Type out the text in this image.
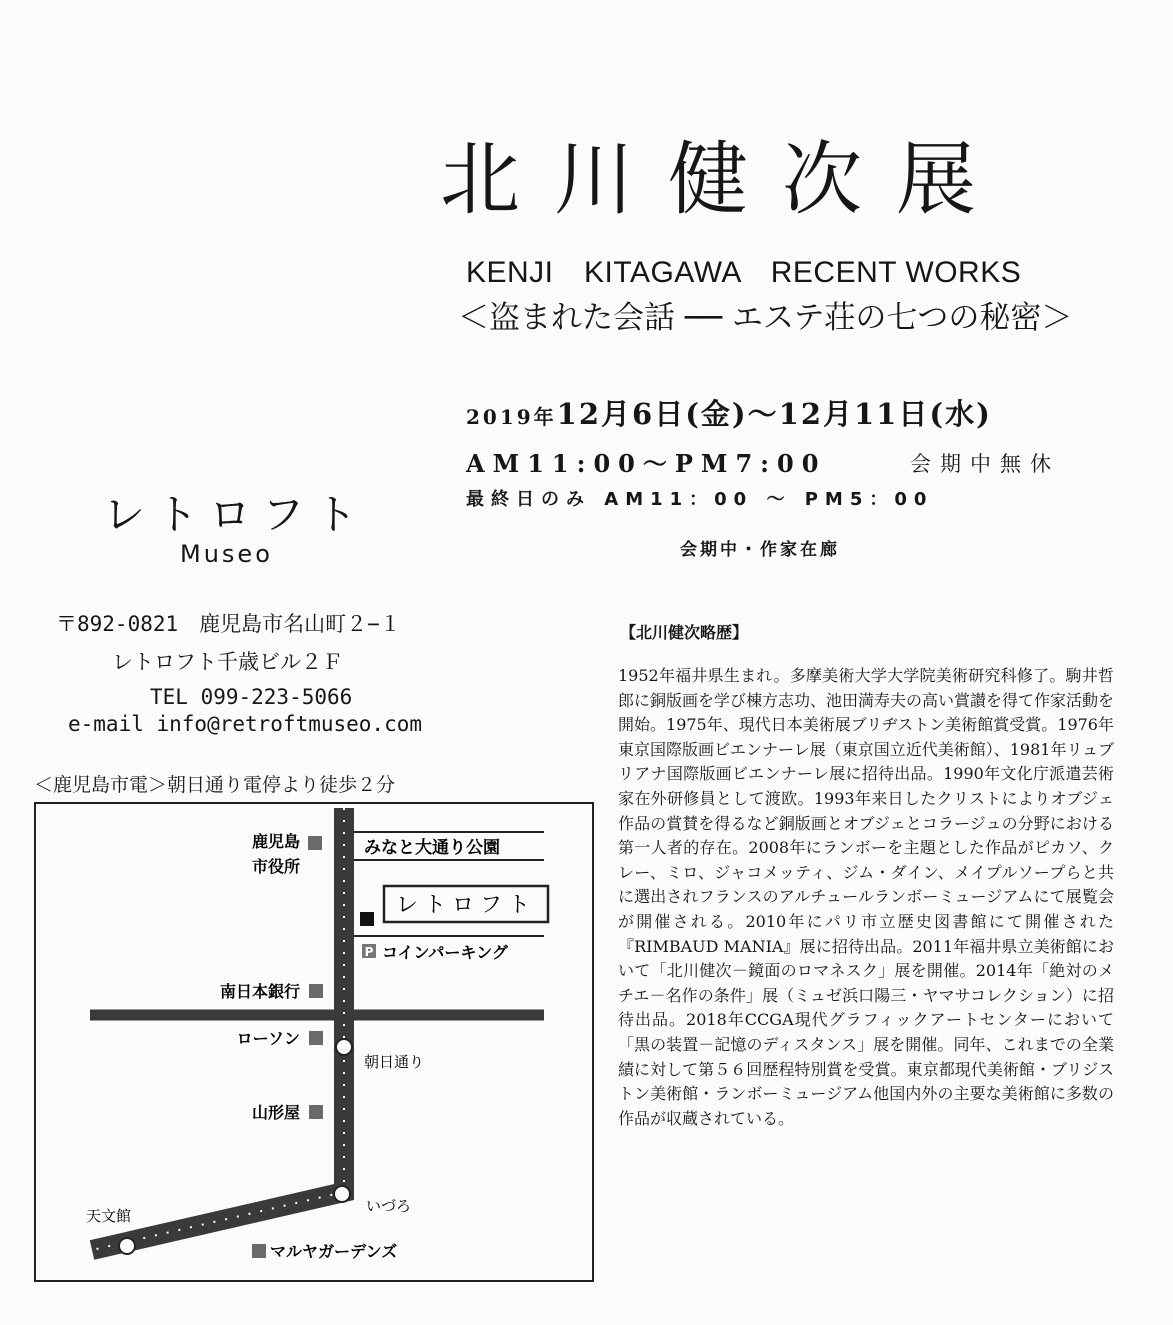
北川健次展
KENJI　KITAGAWA　RECENT WORKS
＜盗まれた会話 ── エステ荘の七つの秘密＞
2019年12月6日(金)～12月11日(水)
AM11:00～PM7:00	会期中無休
最終日のみ AM11：00 ～ PM5：00
会期中・作家在廊
レトロフト
Museo
〒892-0821　鹿児島市名山町２−１
レトロフト千歳ビル２Ｆ
TEL 099-223-5066
e-mail info@retroftmuseo.com
＜鹿児島市電＞朝日通り電停より徒歩２分
P
レトロフト
鹿児島
市役所
みなと大通り公園
コインパーキング
南日本銀行
ローソン
朝日通り
山形屋
いづろ
天文館
マルヤガーデンズ
【北川健次略歴】
1952年福井県生まれ。多摩美術大学大学院美術研究科修了。駒井哲郎に銅版画を学び棟方志功、池田満寿夫の高い賞讃を得て作家活動を開始。1975年、現代日本美術展ブリヂストン美術館賞受賞。1976年東京国際版画ビエンナーレ展（東京国立近代美術館）、1981年リュブリアナ国際版画ビエンナーレ展に招待出品。1990年文化庁派遣芸術家在外研修員として渡欧。1993年来日したクリストによりオブジェ作品の賞賛を得るなど銅版画とオブジェとコラージュの分野における第一人者的存在。2008年にランボーを主題とした作品がピカソ、クレー、ミロ、ジャコメッティ、ジム・ダイン、メイプルソープらと共に選出されフランスのアルチュールランボーミュージアムにて展覧会が開催される。2010年にパリ市立歴史図書館にて開催された『RIMBAUD MANIA』展に招待出品。2011年福井県立美術館において「北川健次－鏡面のロマネスク」展を開催。2014年「絶対のメチエ－名作の条件」展（ミュゼ浜口陽三・ヤマサコレクション）に招待出品。2018年CCGA現代グラフィックアートセンターにおいて「黒の装置－記憶のディスタンス」展を開催。同年、これまでの全業績に対して第５６回歴程特別賞を受賞。東京都現代美術館・ブリジストン美術館・ランボーミュージアム他国内外の主要な美術館に多数の作品が収蔵されている。
